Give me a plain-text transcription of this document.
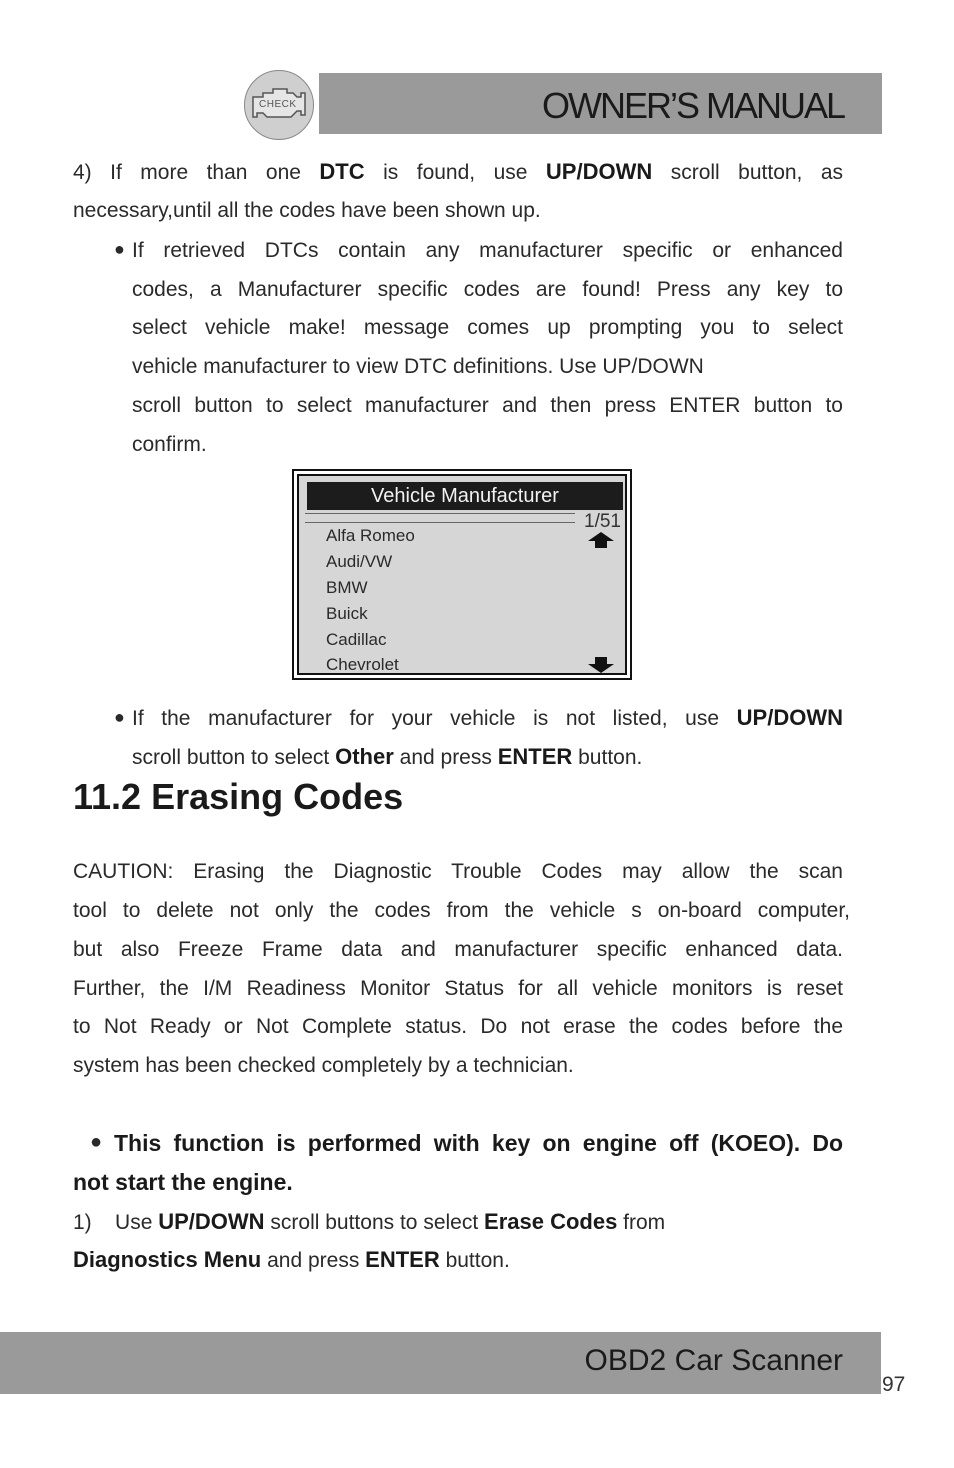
CHECK	OWNER’S MANUAL
4) If more than one DTC is found, use UP/DOWN scroll button, as
necessary,until all the codes have been shown up.
● If retrieved DTCs contain any manufacturer specific or enhanced
codes, a Manufacturer specific codes are found! Press any key to
select vehicle make! message comes up prompting you to select
vehicle manufacturer to view DTC definitions. Use UP/DOWN
scroll button to select manufacturer and then press ENTER button to
confirm.
Vehicle Manufacturer
1/51
Alfa Romeo
Audi/VW
BMW
Buick
Cadillac
Chevrolet
● If the manufacturer for your vehicle is not listed, use UP/DOWN
scroll button to select Other and press ENTER button.
11.2 Erasing Codes
CAUTION: Erasing the Diagnostic Trouble Codes may allow the scan
tool to delete not only the codes from the vehicle s on-board computer,
but also Freeze Frame data and manufacturer specific enhanced data.
Further, the I/M Readiness Monitor Status for all vehicle monitors is reset
to Not Ready or Not Complete status. Do not erase the codes before the
system has been checked completely by a technician.
● This function is performed with key on engine off (KOEO). Do
not start the engine.
1) Use UP/DOWN scroll buttons to select Erase Codes from
Diagnostics Menu and press ENTER button.
OBD2 Car Scanner
97
